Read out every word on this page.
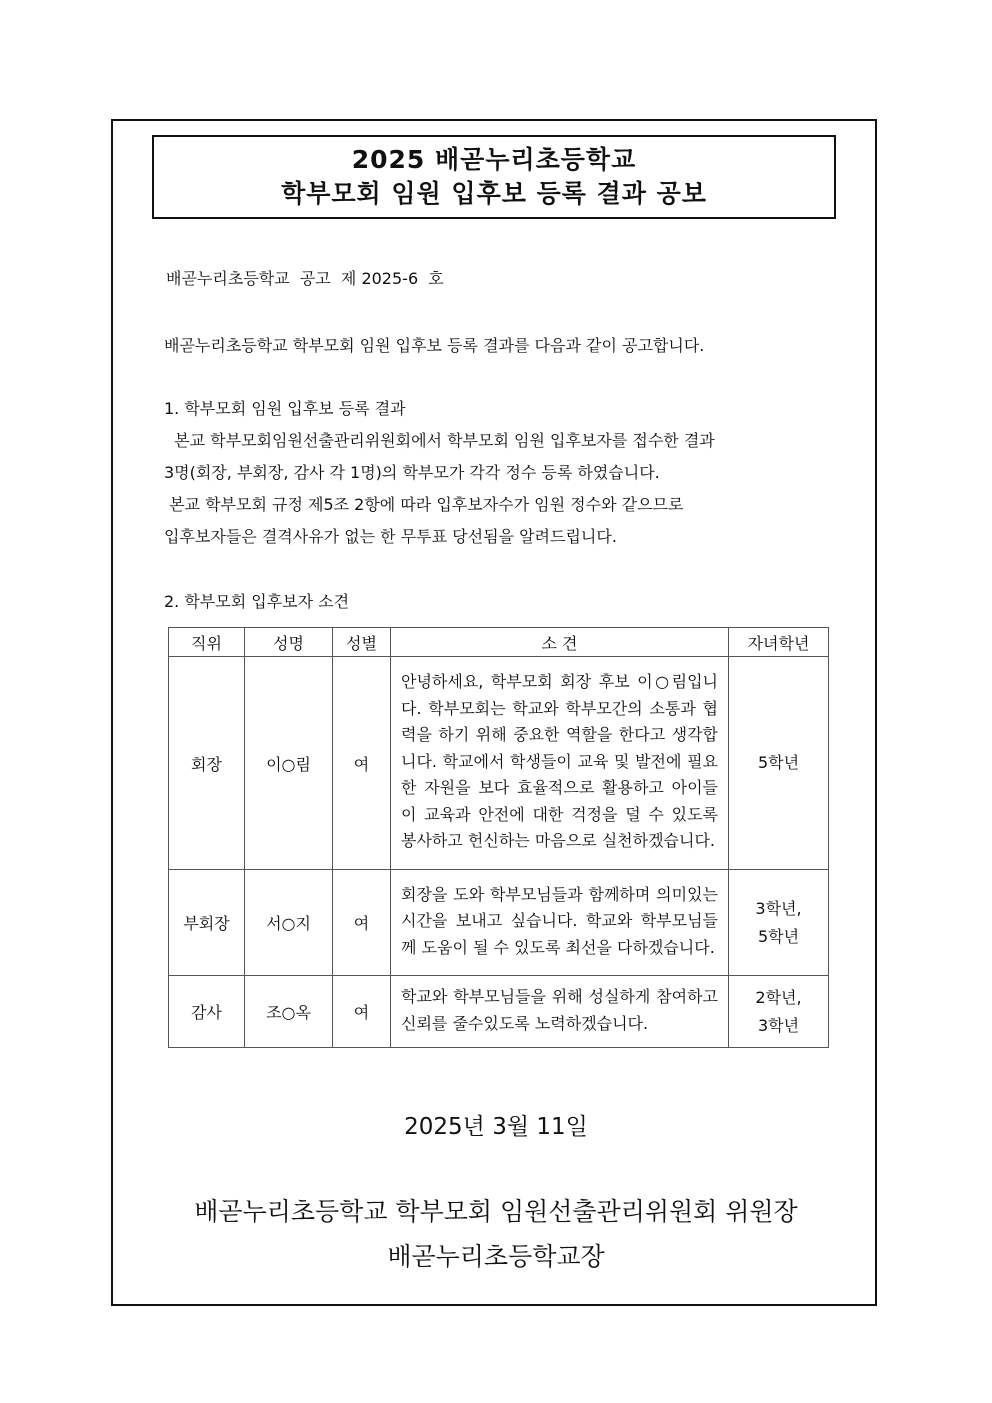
2025 배곧누리초등학교
학부모회 임원 입후보 등록 결과 공보
배곧누리초등학교  공고  제 2025-6  호
배곧누리초등학교 학부모회 임원 입후보 등록 결과를 다음과 같이 공고합니다.
1. 학부모회 임원 입후보 등록 결과
본교 학부모회임원선출관리위원회에서 학부모회 임원 입후보자를 접수한 결과
3명(회장, 부회장, 감사 각 1명)의 학부모가 각각 정수 등록 하였습니다.
본교 학부모회 규정 제5조 2항에 따라 입후보자수가 임원 정수와 같으므로
입후보자들은 결격사유가 없는 한 무투표 당선됨을 알려드립니다.
2. 학부모회 입후보자 소견
직위	성명	성별	소 견	자녀학년
회장	이○림	여	안녕하세요, 학부모회 회장 후보 이○림입니다. 학부모회는 학교와 학부모간의 소통과 협력을 하기 위해 중요한 역할을 한다고 생각합니다. 학교에서 학생들이 교육 및 발전에 필요한 자원을 보다 효율적으로 활용하고 아이들이 교육과 안전에 대한 걱정을 덜 수 있도록 봉사하고 헌신하는 마음으로 실천하겠습니다.	5학년

부회장	서○지	여	회장을 도와 학부모님들과 함께하며 의미있는 시간을 보내고 싶습니다. 학교와 학부모님들께 도움이 될 수 있도록 최선을 다하겠습니다.	3학년,
5학년

감사	조○옥	여	학교와 학부모님들을 위해 성실하게 참여하고 신뢰를 줄수있도록 노력하겠습니다.	2학년,
3학년
2025년 3월 11일
배곧누리초등학교 학부모회 임원선출관리위원회 위원장
배곧누리초등학교장
